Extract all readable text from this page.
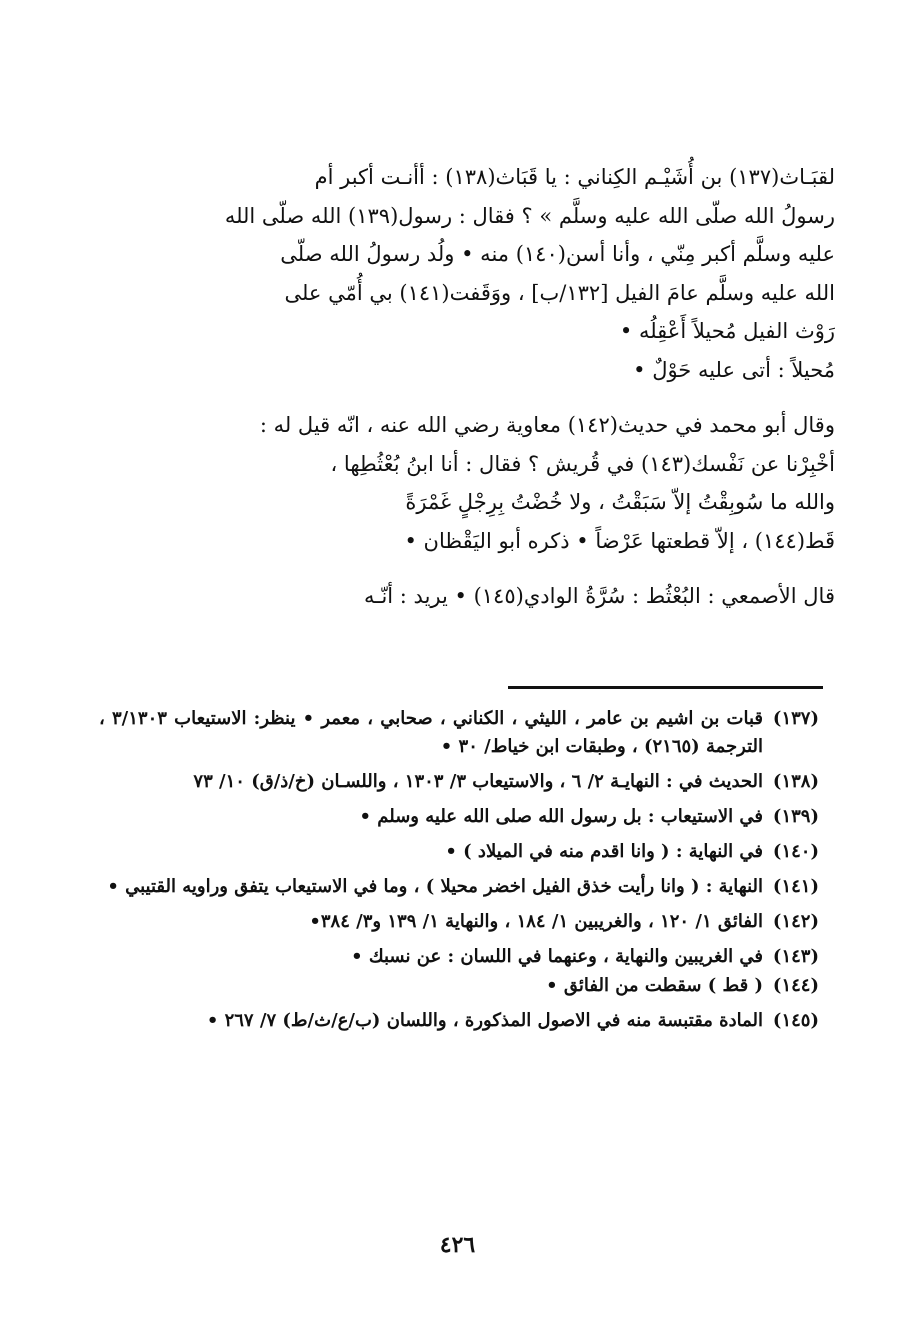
لقبَـاث(١٣٧) بن أُشَيْـم الكِناني : يا قَبَاث(١٣٨) : أأنـت أكبر أم
رسولُ الله صلّى الله عليه وسلَّم » ؟ فقال : رسول(١٣٩) الله صلّى الله
عليه وسلَّم أكبر مِنّي ، وأنا أسن(١٤٠) منه • ولُد رسولُ الله صلّى
الله عليه وسلَّم عامَ الفيل [١٣٢/ب] ، ووَقَفت(١٤١) بي أُمّي على
رَوْث الفيل مُحيلاً أَعْقِلُه •
مُحيلاً : أتى عليه حَوْلٌ •

وقال أبو محمد في حديث(١٤٢) معاوية رضي الله عنه ، انّه قيل له :
أخْبِرْنا عن نَفْسك(١٤٣) في قُريش ؟ فقال : أنا ابنُ بُعْثُطِها ،
والله ما سُوبِقْتُ إلاّ سَبَقْتُ ، ولا خُضْتُ بِرِجْلٍ غَمْرَةً
قَط(١٤٤) ، إلاّ قطعتها عَرْضاً • ذكره أبو اليَقْظان •

قال الأصمعي : البُعْثُط : سُرَّةُ الوادي(١٤٥) • يريد : أنّـه

(١٣٧)
قبات بن اشيم بن عامر ، الليثي ، الكناني ، صحابي ، معمر • ينظر: الاستيعاب ٣/١٣٠٣ ، الترجمة (٢١٦٥) ، وطبقات ابن خياط/ ٣٠ •
(١٣٨)
الحديث في : النهايـة ٢/ ٦ ، والاستيعاب ٣/ ١٣٠٣ ، واللسـان (خ/ذ/ق) ١٠/ ٧٣
(١٣٩)
في الاستيعاب : بل رسول الله صلى الله عليه وسلم •
(١٤٠)
في النهاية : ( وانا اقدم منه في الميلاد ) •
(١٤١)
النهاية : ( وانا رأيت خذق الفيل اخضر محيلا ) ، وما في الاستيعاب يتفق وراويه القتيبي •
(١٤٢)
الفائق ١/ ١٢٠ ، والغريبين ١/ ١٨٤ ، والنهاية ١/ ١٣٩ و٣/ ٣٨٤•
(١٤٣)
في الغريبين والنهاية ، وعنهما في اللسان : عن نسبك •
(١٤٤)
( قط ) سقطت من الفائق •
(١٤٥)
المادة مقتبسة منه في الاصول المذكورة ، واللسان (ب/ع/ث/ط) ٧/ ٢٦٧ •
٤٢٦
